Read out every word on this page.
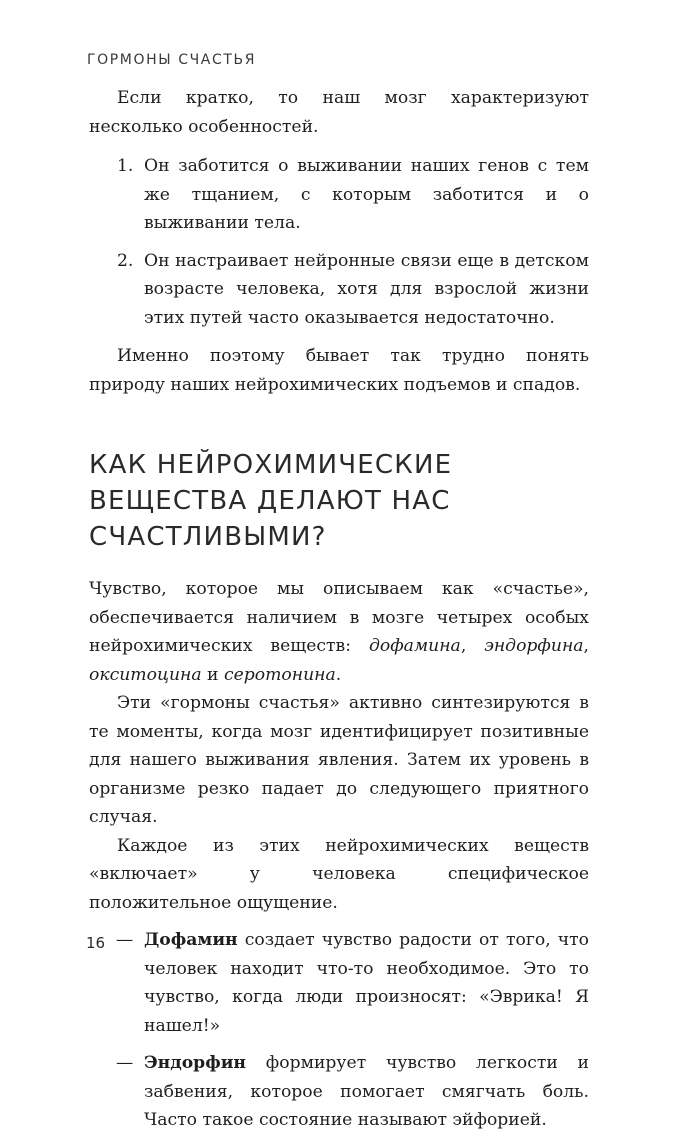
ГОРМОНЫ СЧАСТЬЯ

Если кратко, то наш мозг характеризуют несколько особенностей.

1. Он заботится о выживании наших генов с тем же тщанием, с которым заботится и о выживании тела.
2. Он настраивает нейронные связи еще в детском возрасте человека, хотя для взрослой жизни этих путей часто оказывается недостаточно.

Именно поэтому бывает так трудно понять природу наших нейрохимических подъемов и спадов.

КАК НЕЙРОХИМИЧЕСКИЕ ВЕЩЕСТВА ДЕЛАЮТ НАС СЧАСТЛИВЫМИ?

Чувство, которое мы описываем как «счастье», обеспечивается наличием в мозге четырех особых нейрохимических веществ: дофамина, эндорфина, окситоцина и серотонина.

Эти «гормоны счастья» активно синтезируются в те моменты, когда мозг идентифицирует позитивные для нашего выживания явления. Затем их уровень в организме резко падает до следующего приятного случая.

Каждое из этих нейрохимических веществ «включает» у человека специфическое положительное ощущение.

— Дофамин создает чувство радости от того, что человек находит что-то необходимое. Это то чувство, когда люди произносят: «Эврика! Я нашел!»
— Эндорфин формирует чувство легкости и забвения, которое помогает смягчать боль. Часто такое состояние называют эйфорией.
16
